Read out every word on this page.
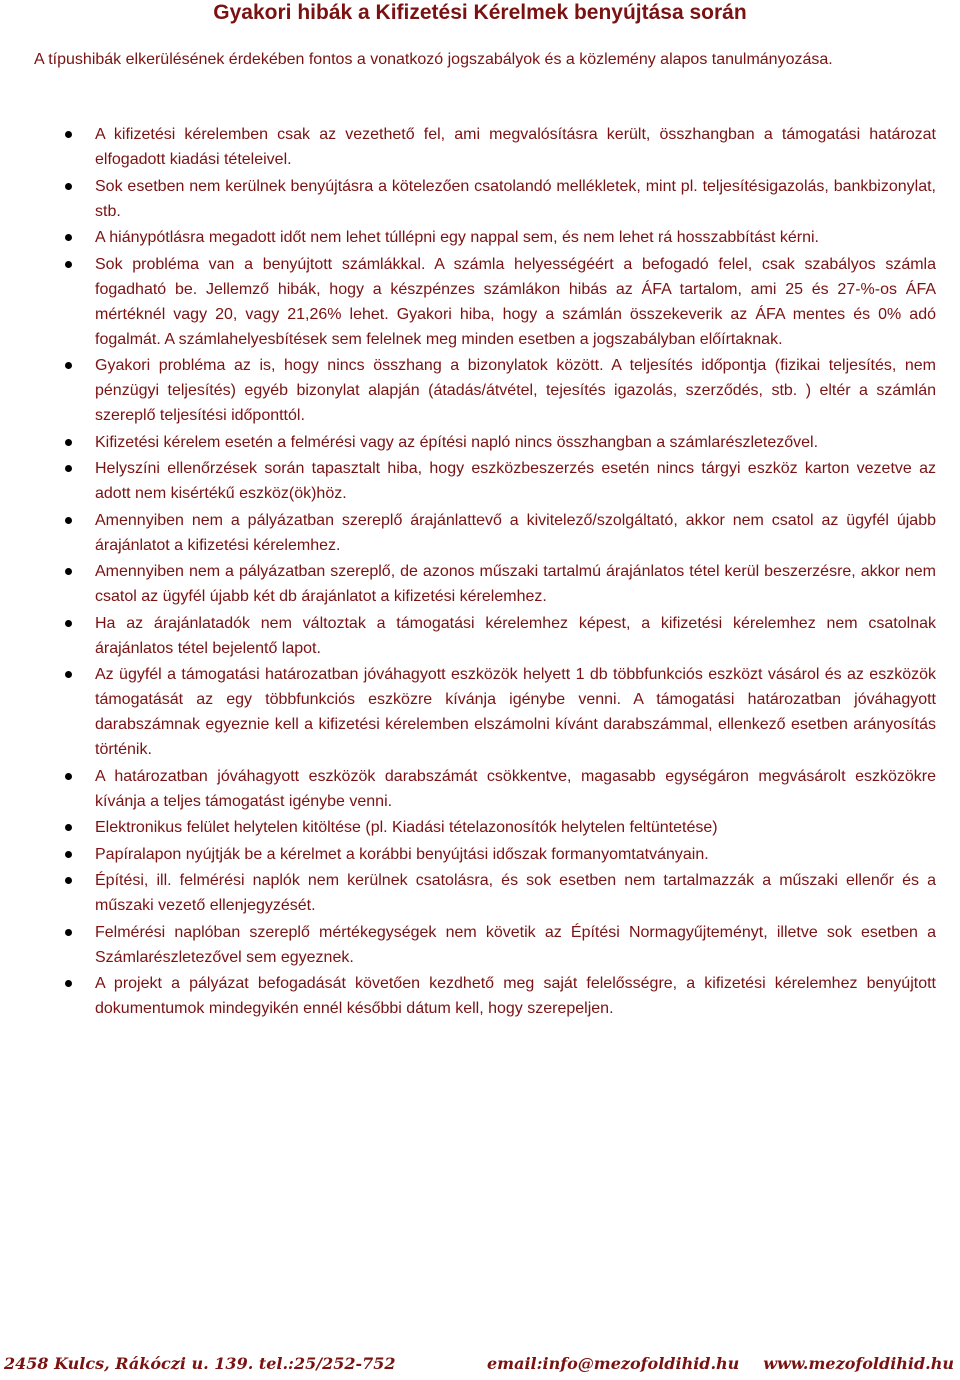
Gyakori hibák a Kifizetési Kérelmek benyújtása során

A típushibák elkerülésének érdekében fontos a vonatkozó jogszabályok és a közlemény alapos tanulmányozása.

A kifizetési kérelemben csak az vezethető fel, ami megvalósításra került, összhangban a támogatási határozat elfogadott kiadási tételeivel.
Sok esetben nem kerülnek benyújtásra a kötelezően csatolandó mellékletek, mint pl. teljesítésigazolás, bankbizonylat, stb.
A hiánypótlásra megadott időt nem lehet túllépni egy nappal sem, és nem lehet rá hosszabbítást kérni.
Sok probléma van a benyújtott számlákkal. A számla helyességéért a befogadó felel, csak szabályos számla fogadható be. Jellemző hibák, hogy a készpénzes számlákon hibás az ÁFA tartalom, ami 25 és 27-%-os ÁFA mértéknél vagy 20, vagy 21,26% lehet. Gyakori hiba, hogy a számlán összekeverik az ÁFA mentes és 0% adó fogalmát. A számlahelyesbítések sem felelnek meg minden esetben a jogszabályban előírtaknak.
Gyakori probléma az is, hogy nincs összhang a bizonylatok között. A teljesítés időpontja (fizikai teljesítés, nem pénzügyi teljesítés) egyéb bizonylat alapján (átadás/átvétel, tejesítés igazolás, szerződés, stb. ) eltér a számlán szereplő teljesítési időponttól.
Kifizetési kérelem esetén a felmérési vagy az építési napló nincs összhangban a számlarészletezővel.
Helyszíni ellenőrzések során tapasztalt hiba, hogy eszközbeszerzés esetén nincs tárgyi eszköz karton vezetve az adott nem kisértékű eszköz(ök)höz.
Amennyiben nem a pályázatban szereplő árajánlattevő a kivitelező/szolgáltató, akkor nem csatol az ügyfél újabb árajánlatot a kifizetési kérelemhez.
Amennyiben nem a pályázatban szereplő, de azonos műszaki tartalmú árajánlatos tétel kerül beszerzésre, akkor nem csatol az ügyfél újabb két db árajánlatot a kifizetési kérelemhez.
Ha az árajánlatadók nem változtak a támogatási kérelemhez képest, a kifizetési kérelemhez nem csatolnak árajánlatos tétel bejelentő lapot.
Az ügyfél a támogatási határozatban jóváhagyott eszközök helyett 1 db többfunkciós eszközt vásárol és az eszközök támogatását az egy többfunkciós eszközre kívánja igénybe venni. A támogatási határozatban jóváhagyott darabszámnak egyeznie kell a kifizetési kérelemben elszámolni kívánt darabszámmal, ellenkező esetben arányosítás történik.
A határozatban jóváhagyott eszközök darabszámát csökkentve, magasabb egységáron megvásárolt eszközökre kívánja a teljes támogatást igénybe venni.
Elektronikus felület helytelen kitöltése (pl. Kiadási tételazonosítók helytelen feltüntetése)
Papíralapon nyújtják be a kérelmet a korábbi benyújtási időszak formanyomtatványain.
Építési, ill. felmérési naplók nem kerülnek csatolásra, és sok esetben nem tartalmazzák a műszaki ellenőr és a műszaki vezető ellenjegyzését.
Felmérési naplóban szereplő mértékegységek nem követik az Építési Normagyűjteményt, illetve sok esetben a Számlarészletezővel sem egyeznek.
A projekt a pályázat befogadását követően kezdhető meg saját felelősségre, a kifizetési kérelemhez benyújtott dokumentumok mindegyikén ennél későbbi dátum kell, hogy szerepeljen.
2458 Kulcs, Rákóczi u. 139. tel.:25/252-752	email:info@mezofoldihid.hu www.mezofoldihid.hu
